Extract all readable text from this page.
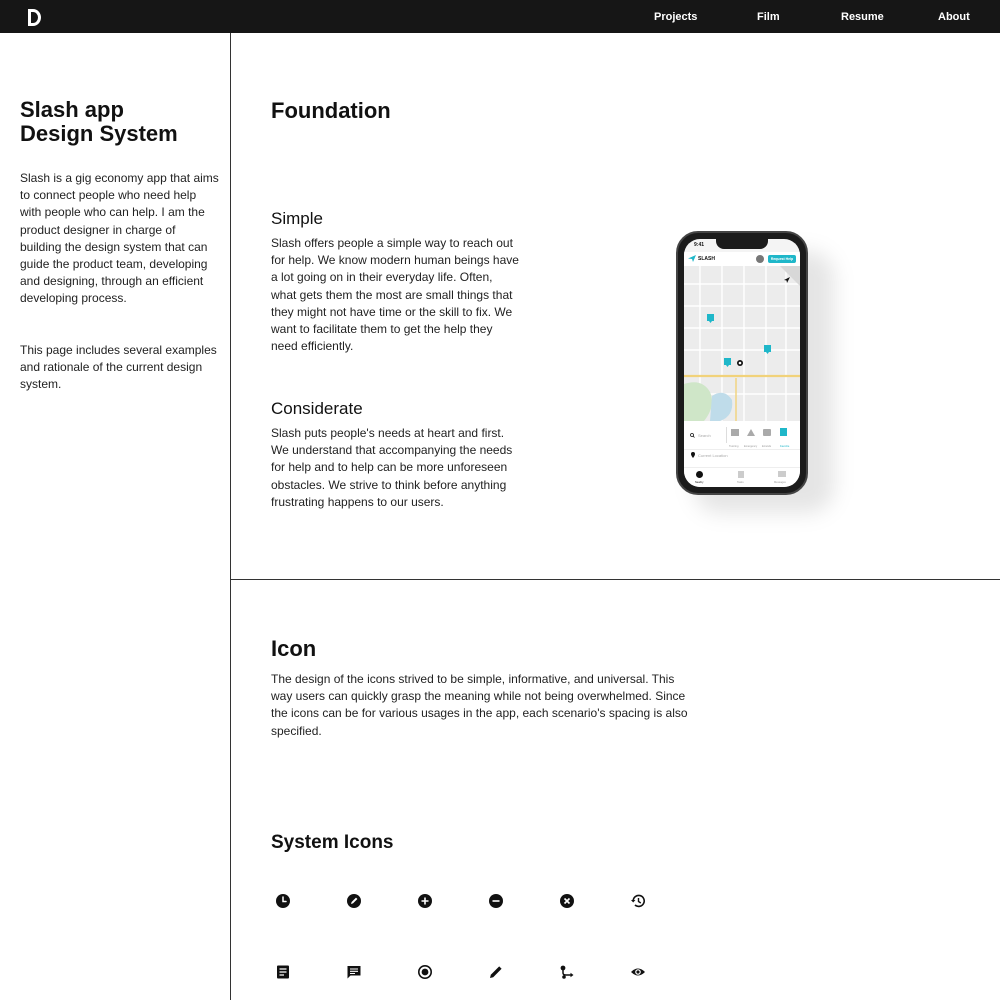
Projects	Film	Resume	About
Slash app
Design System

Slash is a gig economy app that aims to connect people who need help with people who can help. I am the product designer in charge of building the design system that can guide the product team, developing and designing, through an efficient developing process.

This page includes several examples and rationale of the current design system.

Foundation
Simple

Slash offers people a simple way to reach out for help. We know modern human beings have a lot going on in their everyday life. Often, what gets them the most are small things that they might not have time or the skill to fix. We want to facilitate them to get the help they need efficiently.

Considerate

Slash puts people's needs at heart and first. We understand that accompanying the needs for help and to help can be more unforeseen obstacles. We strive to think before anything frustrating happens to our users.

9:41
SLASH	Request Help
Search
Tutoring Emergency Errands	Favorite
Current Location
Nearby	Tasks	Messages
Icon

The design of the icons strived to be simple, informative, and universal. This way users can quickly grasp the meaning while not being overwhelmed. Since the icons can be for various usages in the app, each scenario's spacing is also specified.

System Icons
